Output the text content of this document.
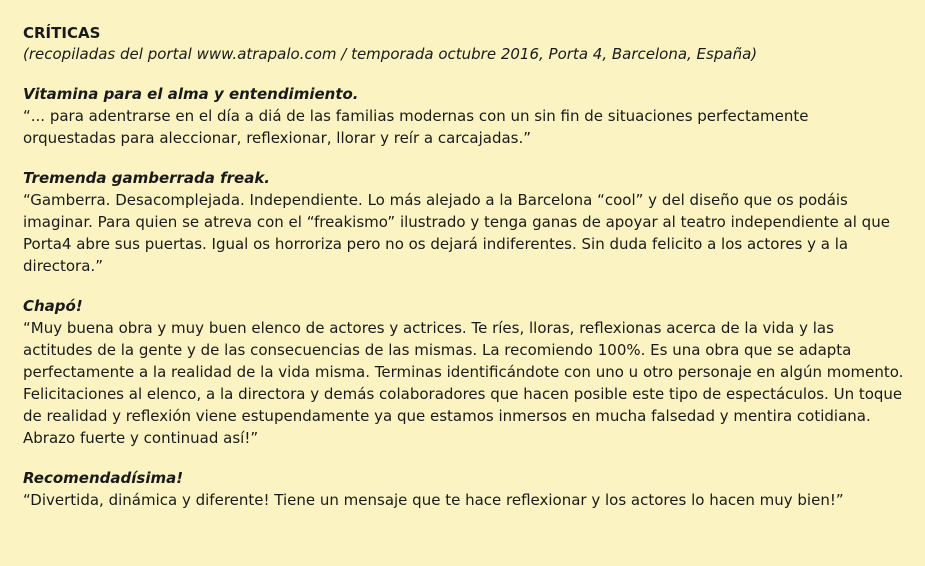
CRÍTICAS

(recopiladas del portal www.atrapalo.com / temporada octubre 2016, Porta 4, Barcelona, España)

Vitamina para el alma y entendimiento.

“... para adentrarse en el día a diá de las familias modernas con un sin fin de situaciones perfectamente orquestadas para aleccionar, reflexionar, llorar y reír a carcajadas.”

Tremenda gamberrada freak.

“Gamberra. Desacomplejada. Independiente. Lo más alejado a la Barcelona “cool” y del diseño que os podáis imaginar. Para quien se atreva con el “freakismo” ilustrado y tenga ganas de apoyar al teatro independiente al que Porta4 abre sus puertas. Igual os horroriza pero no os dejará indiferentes. Sin duda felicito a los actores y a la directora.”

Chapó!

“Muy buena obra y muy buen elenco de actores y actrices. Te ríes, lloras, reflexionas acerca de la vida y las actitudes de la gente y de las consecuencias de las mismas. La recomiendo 100%. Es una obra que se adapta perfectamente a la realidad de la vida misma. Terminas identificándote con uno u otro personaje en algún momento. Felicitaciones al elenco, a la directora y demás colaboradores que hacen posible este tipo de espectáculos. Un toque de realidad y reflexión viene estupendamente ya que estamos inmersos en mucha falsedad y mentira cotidiana. Abrazo fuerte y continuad así!”

Recomendadísima!

“Divertida, dinámica y diferente! Tiene un mensaje que te hace reflexionar y los actores lo hacen muy bien!”
